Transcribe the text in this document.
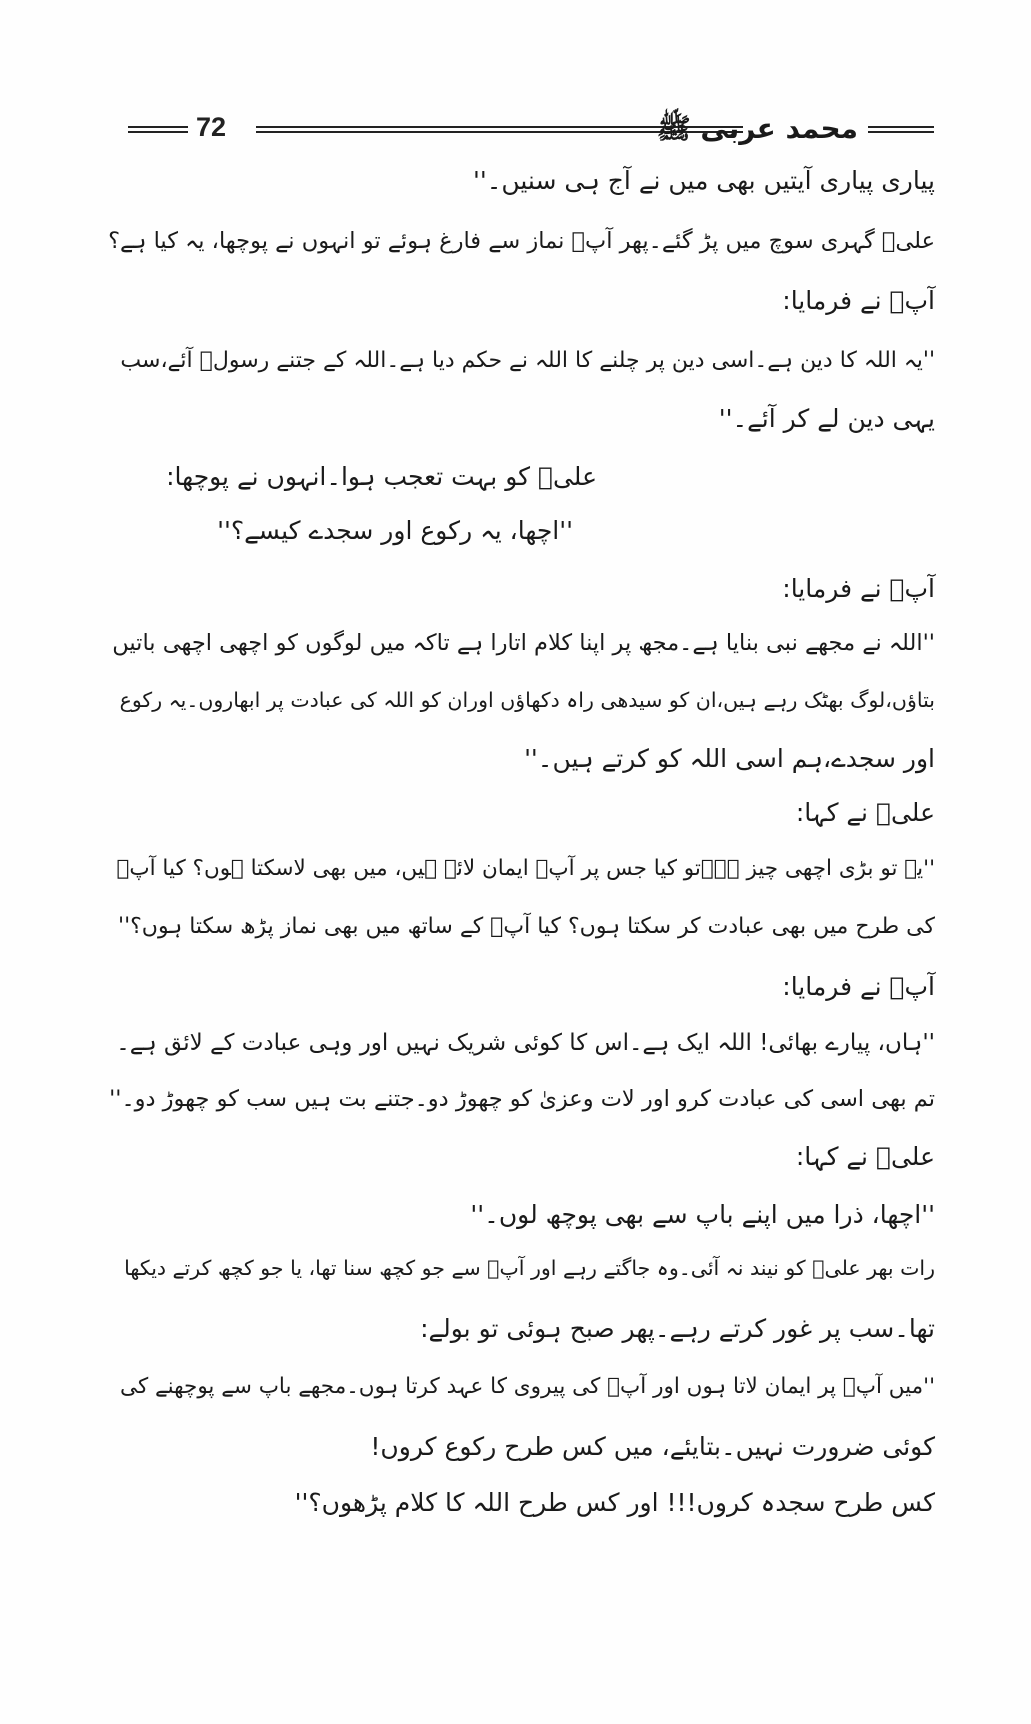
72	محمد عربی ﷺ
پیاری پیاری آیتیں بھی میں نے آج ہی سنیں۔''
علیؓ گہری سوچ میں پڑ گئے۔پھر آپؐ نماز سے فارغ ہوئے تو انہوں نے پوچھا، یہ کیا ہے؟
آپؐ نے فرمایا:
''یہ اللہ کا دین ہے۔اسی دین پر چلنے کا اللہ نے حکم دیا ہے۔اللہ کے جتنے رسولؑ آئے،سب
یہی دین لے کر آئے۔''
علیؓ کو بہت تعجب ہوا۔انہوں نے پوچھا:
''اچھا، یہ رکوع اور سجدے کیسے؟''
آپؐ نے فرمایا:
''اللہ نے مجھے نبی بنایا ہے۔مجھ پر اپنا کلام اتارا ہے تاکہ میں لوگوں کو اچھی اچھی باتیں
بتاؤں،لوگ بھٹک رہے ہیں،ان کو سیدھی راہ دکھاؤں اوران کو اللہ کی عبادت پر ابھاروں۔یہ رکوع
اور سجدے،ہم اسی اللہ کو کرتے ہیں۔''
علیؓ نے کہا:
''یہ تو بڑی اچھی چیز ہے۔تو کیا جس پر آپؐ ایمان لائے ہیں، میں بھی لاسکتا ہوں؟ کیا آپؐ
کی طرح میں بھی عبادت کر سکتا ہوں؟ کیا آپؐ کے ساتھ میں بھی نماز پڑھ سکتا ہوں؟''
آپؐ نے فرمایا:
''ہاں، پیارے بھائی! اللہ ایک ہے۔اس کا کوئی شریک نہیں اور وہی عبادت کے لائق ہے۔
تم بھی اسی کی عبادت کرو اور لات وعزیٰ کو چھوڑ دو۔جتنے بت ہیں سب کو چھوڑ دو۔''
علیؓ نے کہا:
''اچھا، ذرا میں اپنے باپ سے بھی پوچھ لوں۔''
رات بھر علیؓ کو نیند نہ آئی۔وہ جاگتے رہے اور آپؐ سے جو کچھ سنا تھا، یا جو کچھ کرتے دیکھا
تھا۔سب پر غور کرتے رہے۔پھر صبح ہوئی تو بولے:
''میں آپؐ پر ایمان لاتا ہوں اور آپؐ کی پیروی کا عہد کرتا ہوں۔مجھے باپ سے پوچھنے کی
کوئی ضرورت نہیں۔بتایئے، میں کس طرح رکوع کروں!
کس طرح سجدہ کروں!!! اور کس طرح اللہ کا کلام پڑھوں؟''
